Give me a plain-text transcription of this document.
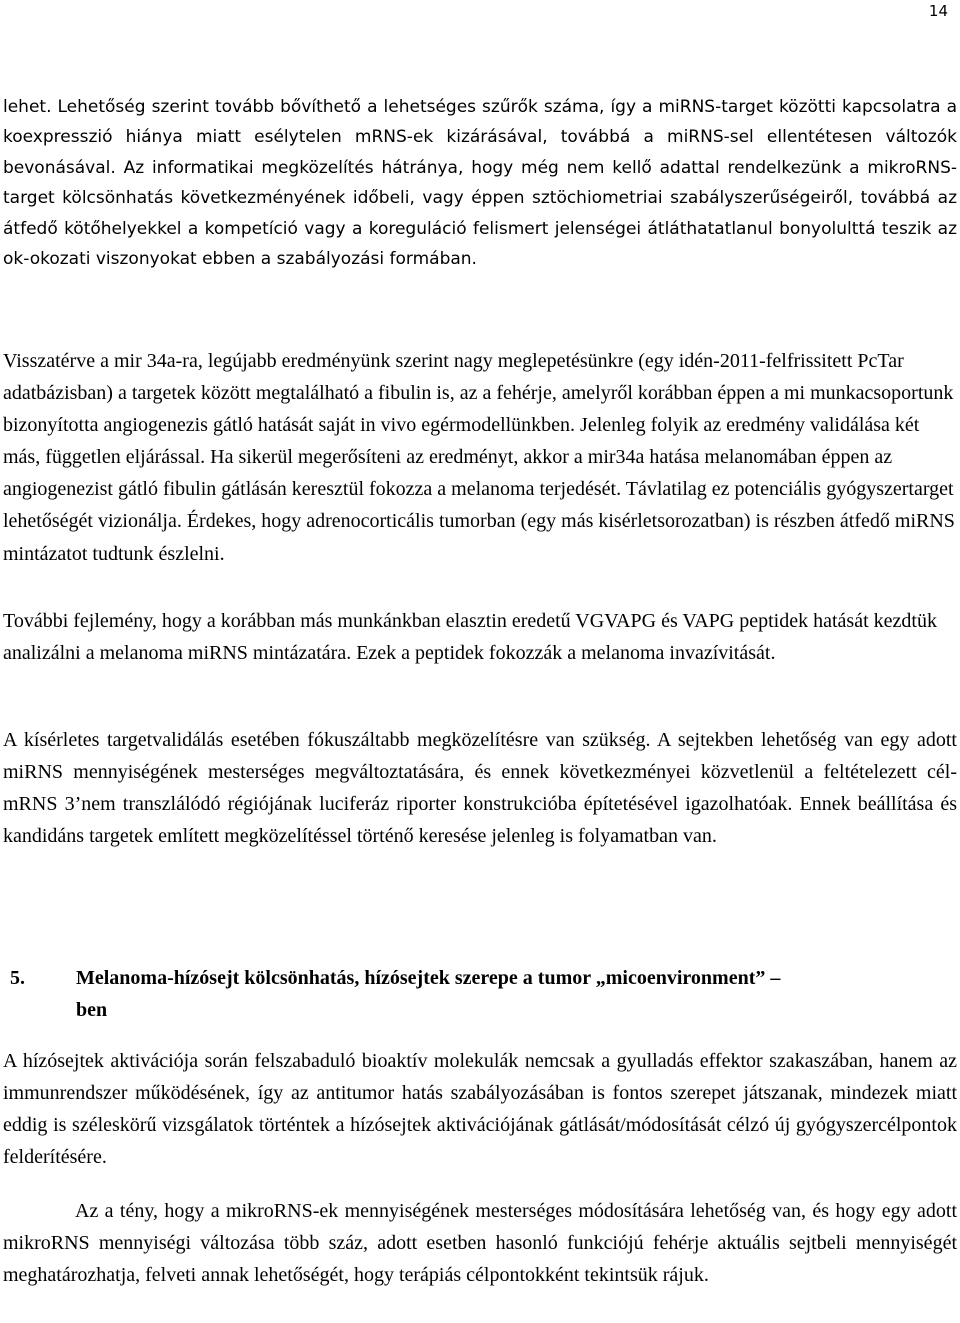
14

lehet. Lehetőség szerint tovább bővíthető a lehetséges szűrők száma, így a miRNS-target közötti kapcsolatra a koexpresszió hiánya miatt esélytelen mRNS-ek kizárásával, továbbá a miRNS-sel ellentétesen változók bevonásával. Az informatikai megközelítés hátránya, hogy még nem kellő adattal rendelkezünk a mikroRNS-target kölcsönhatás következményének időbeli, vagy éppen sztöchiometriai szabályszerűségeiről, továbbá az átfedő kötőhelyekkel a kompetíció vagy a koreguláció felismert jelenségei átláthatatlanul bonyolulttá teszik az ok-okozati viszonyokat ebben a szabályozási formában.

Visszatérve a mir 34a-ra, legújabb eredményünk szerint nagy meglepetésünkre (egy idén-2011-felfrissitett PcTar adatbázisban) a targetek között megtalálható a fibulin is, az a fehérje, amelyről korábban éppen a mi munkacsoportunk bizonyította angiogenezis gátló hatását saját in vivo egérmodellünkben. Jelenleg folyik az eredmény validálása két más, független eljárással. Ha sikerül megerősíteni az eredményt, akkor a mir34a hatása melanomában éppen az angiogenezist gátló fibulin gátlásán keresztül fokozza a melanoma terjedését. Távlatilag ez potenciális gyógyszertarget lehetőségét vizionálja. Érdekes, hogy adrenocorticális tumorban (egy más kisérletsorozatban) is részben átfedő miRNS mintázatot tudtunk észlelni.

További fejlemény, hogy a korábban más munkánkban elasztin eredetű VGVAPG és VAPG peptidek hatását kezdtük analizálni a melanoma miRNS mintázatára. Ezek a peptidek fokozzák a melanoma invazívitását.

A kísérletes targetvalidálás esetében fókuszáltabb megközelítésre van szükség. A sejtekben lehetőség van egy adott miRNS mennyiségének mesterséges megváltoztatására, és ennek következményei közvetlenül a feltételezett cél-mRNS 3’nem transzlálódó régiójának luciferáz riporter konstrukcióba építetésével igazolhatóak. Ennek beállítása és kandidáns targetek említett megközelítéssel történő keresése jelenleg is folyamatban van.

5.	Melanoma-hízósejt kölcsönhatás, hízósejtek szerepe a tumor „micoenvironment” –
ben

A hízósejtek aktivációja során felszabaduló bioaktív molekulák nemcsak a gyulladás effektor szakaszában, hanem az immunrendszer működésének, így az antitumor hatás szabályozásában is fontos szerepet játszanak, mindezek miatt eddig is széleskörű vizsgálatok történtek a hízósejtek aktivációjának gátlását/módosítását célzó új gyógyszercélpontok felderítésére.

Az a tény, hogy a mikroRNS-ek mennyiségének mesterséges módosítására lehetőség van, és hogy egy adott mikroRNS mennyiségi változása több száz, adott esetben hasonló funkciójú fehérje aktuális sejtbeli mennyiségét meghatározhatja, felveti annak lehetőségét, hogy terápiás célpontokként tekintsük rájuk.
